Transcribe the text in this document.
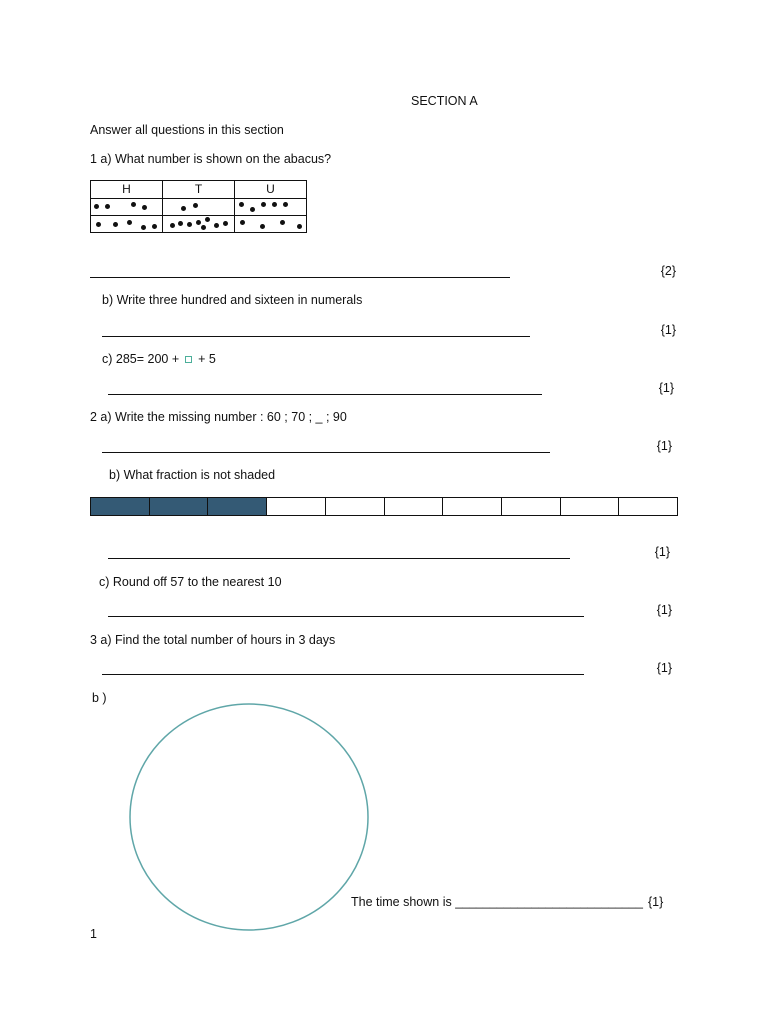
SECTION A
Answer all questions in this section
1 a) What number is shown on the abacus?
H	T	U

{2}
b) Write three hundred and sixteen in numerals
{1}
c) 285= 200 + + 5
{1}
2 a) Write the missing number : 60 ; 70 ; _ ; 90
{1}
b) What fraction is not shaded
{1}
c) Round off 57 to the nearest 10
{1}
3 a) Find the total number of hours in 3 days
{1}
b )
The time shown is ___________________________ {1}
1
